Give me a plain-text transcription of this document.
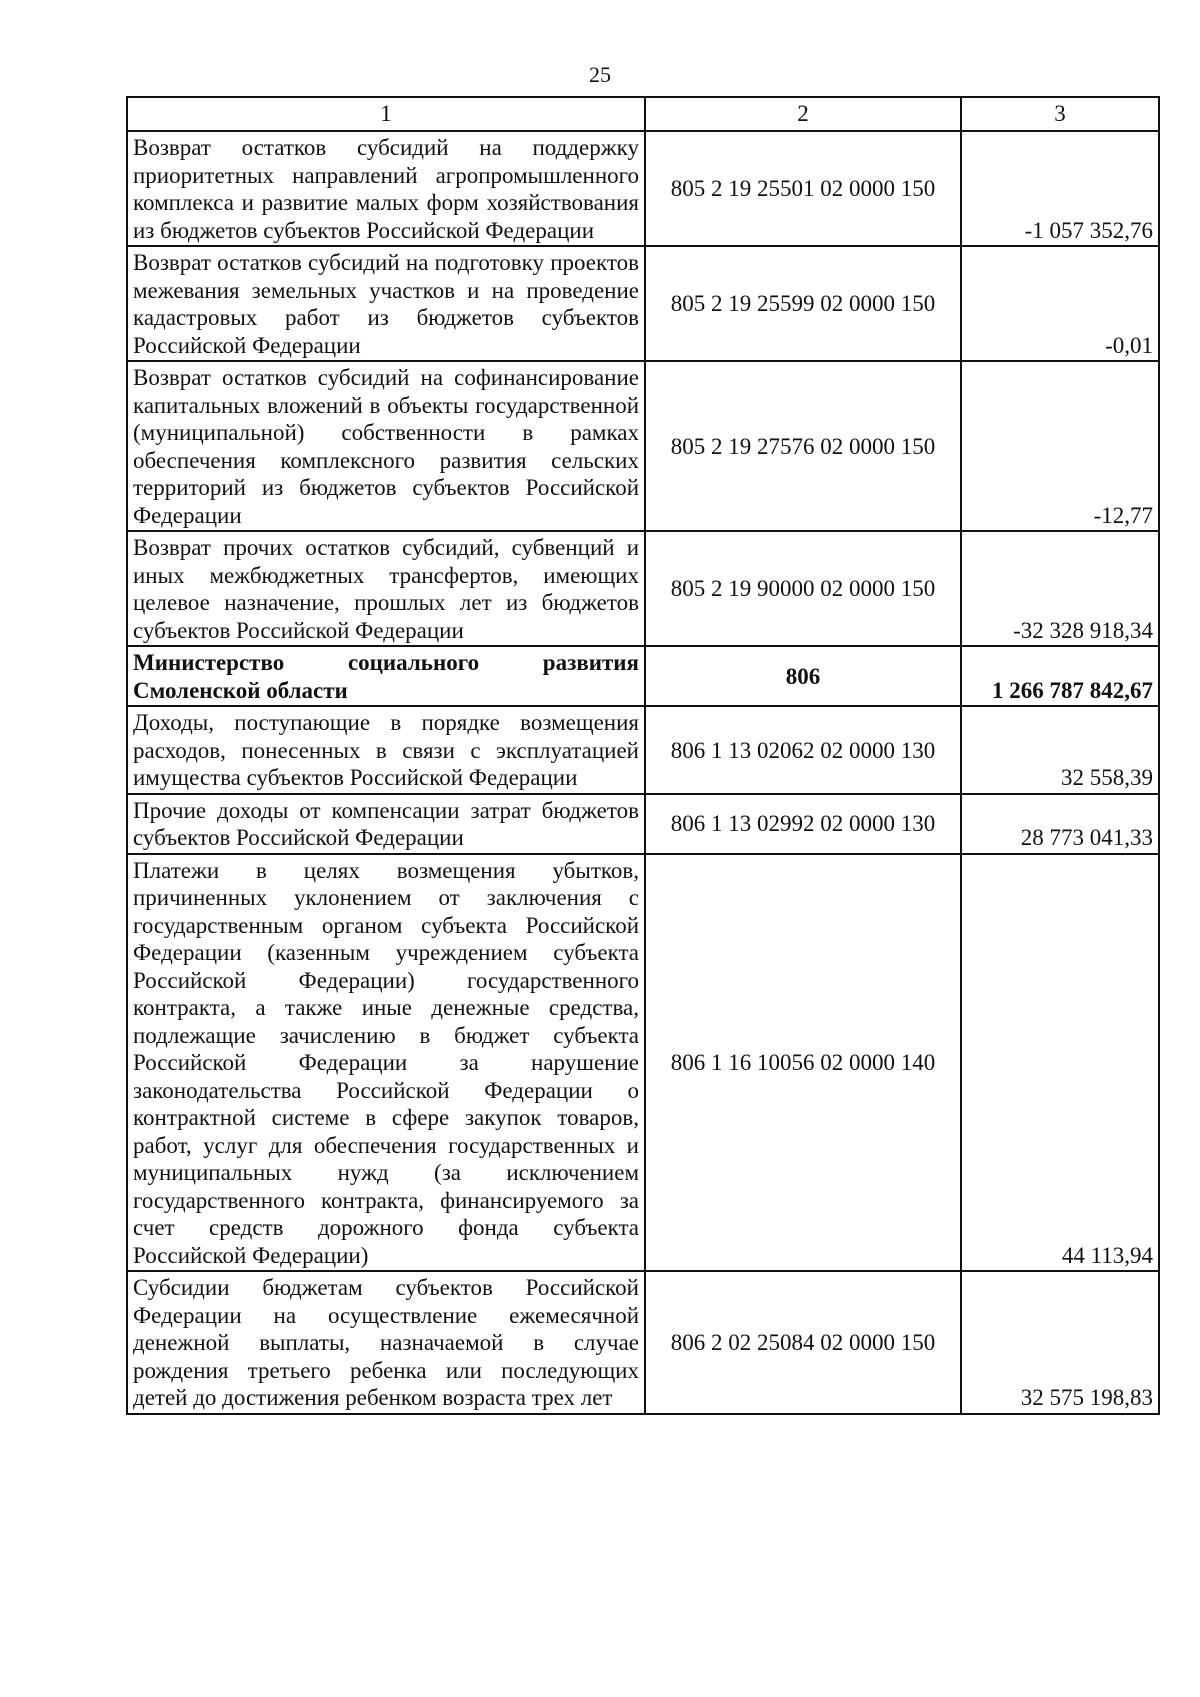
25
1	2	3
Возврат остатков субсидий на поддержку приоритетных направлений агропромышленного комплекса и развитие малых форм хозяйствования из бюджетов субъектов Российской Федерации	805 2 19 25501 02 0000 150	-1 057 352,76
Возврат остатков субсидий на подготовку проектов межевания земельных участков и на проведение кадастровых работ из бюджетов субъектов Российской Федерации	805 2 19 25599 02 0000 150	-0,01
Возврат остатков субсидий на софинансирование капитальных вложений в объекты государственной (муниципальной) собственности в рамках обеспечения комплексного развития сельских территорий из бюджетов субъектов Российской Федерации	805 2 19 27576 02 0000 150	-12,77
Возврат прочих остатков субсидий, субвенций и иных межбюджетных трансфертов, имеющих целевое назначение, прошлых лет из бюджетов субъектов Российской Федерации	805 2 19 90000 02 0000 150	-32 328 918,34
Министерство социального развития Смоленской области	806	1 266 787 842,67
Доходы, поступающие в порядке возмещения расходов, понесенных в связи с эксплуатацией имущества субъектов Российской Федерации	806 1 13 02062 02 0000 130	32 558,39
Прочие доходы от компенсации затрат бюджетов субъектов Российской Федерации	806 1 13 02992 02 0000 130	28 773 041,33
Платежи в целях возмещения убытков, причиненных уклонением от заключения с государственным органом субъекта Российской Федерации (казенным учреждением субъекта Российской Федерации) государственного контракта, а также иные денежные средства, подлежащие зачислению в бюджет субъекта Российской Федерации за нарушение законодательства Российской Федерации о контрактной системе в сфере закупок товаров, работ, услуг для обеспечения государственных и муниципальных нужд (за исключением государственного контракта, финансируемого за счет средств дорожного фонда субъекта Российской Федерации)	806 1 16 10056 02 0000 140	44 113,94
Субсидии бюджетам субъектов Российской Федерации на осуществление ежемесячной денежной выплаты, назначаемой в случае рождения третьего ребенка или последующих детей до достижения ребенком возраста трех лет	806 2 02 25084 02 0000 150	32 575 198,83
